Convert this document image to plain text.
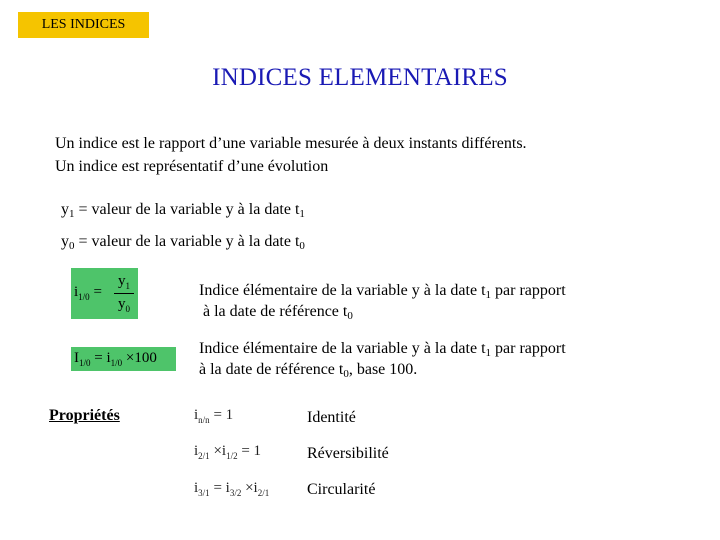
LES INDICES
INDICES ELEMENTAIRES
Un indice est le rapport d’une variable mesurée à deux instants différents.
Un indice est représentatif d’une évolution
$y_1$ = valeur de la variable y à la date $t_1$
$y_0$ = valeur de la variable y à la date $t_0$
$i_{1/0}$ =
$y_1$
$y_0$
$I_{1/0} = i_{1/0} \times 100$
Indice élémentaire de la variable y à la date $t_1$ par rapport
à la date de référence $t_0$
Indice élémentaire de la variable y à la date $t_1$ par rapport
à la date de référence $t_0$, base 100.
Propriétés	$i_{n/n} = 1$	Identité
$i_{2/1} \times i_{1/2} = 1$	Réversibilité
$i_{3/1} = i_{3/2} \times i_{2/1}$ Circularité
